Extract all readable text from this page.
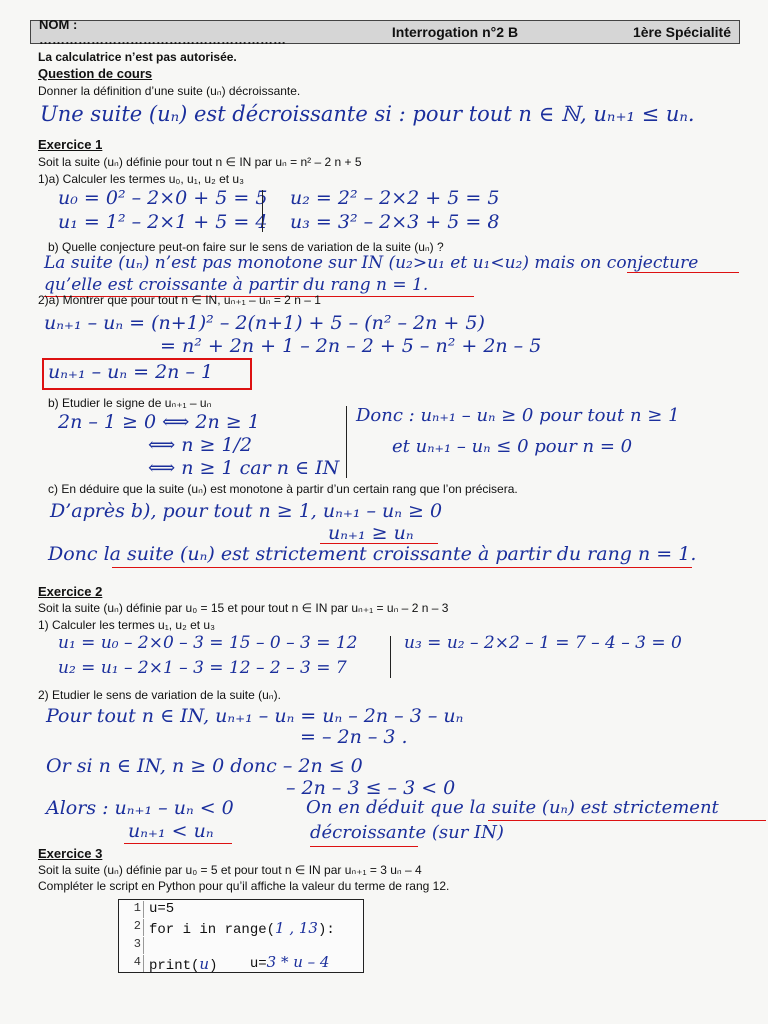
NOM : …………………………………………………	Interrogation n°2 B	1ère Spécialité
La calculatrice n’est pas autorisée.
Question de cours
Donner la définition d’une suite (uₙ) décroissante.
Une suite (uₙ) est décroissante si : pour tout n ∈ ℕ, uₙ₊₁ ≤ uₙ.
Exercice 1
Soit la suite (uₙ) définie pour tout n ∈ IN par uₙ = n² – 2 n + 5
1)a) Calculer les termes u₀, u₁, u₂ et u₃
u₀ = 0² – 2×0 + 5 = 5
u₁ = 1² – 2×1 + 5 = 4
u₂ = 2² – 2×2 + 5 = 5
u₃ = 3² – 2×3 + 5 = 8
b) Quelle conjecture peut-on faire sur le sens de variation de la suite (uₙ) ?
La suite (uₙ) n’est pas monotone sur IN (u₂>u₁ et u₁<u₂) mais on conjecture
qu’elle est croissante à partir du rang n = 1.
2)a) Montrer que pour tout n ∈ IN, uₙ₊₁ – uₙ = 2 n – 1
uₙ₊₁ – uₙ = (n+1)² – 2(n+1) + 5 – (n² – 2n + 5)
= n² + 2n + 1 – 2n – 2 + 5 – n² + 2n – 5
uₙ₊₁ – uₙ = 2n – 1
b) Etudier le signe de uₙ₊₁ – uₙ
2n – 1 ≥ 0 ⟺ 2n ≥ 1
⟺ n ≥ 1/2
⟺ n ≥ 1 car n ∈ IN
Donc : uₙ₊₁ – uₙ ≥ 0 pour tout n ≥ 1
et uₙ₊₁ – uₙ ≤ 0 pour n = 0
c) En déduire que la suite (uₙ) est monotone à partir d’un certain rang que l’on précisera.
D’après b), pour tout n ≥ 1, uₙ₊₁ – uₙ ≥ 0
uₙ₊₁ ≥ uₙ
Donc la suite (uₙ) est strictement croissante à partir du rang n = 1.
Exercice 2
Soit la suite (uₙ) définie par u₀ = 15 et pour tout n ∈ IN par uₙ₊₁ = uₙ – 2 n – 3
1) Calculer les termes u₁, u₂ et u₃
u₁ = u₀ – 2×0 – 3 = 15 – 0 – 3 = 12
u₂ = u₁ – 2×1 – 3 = 12 – 2 – 3 = 7
u₃ = u₂ – 2×2 – 1 = 7 – 4 – 3 = 0
2) Etudier le sens de variation de la suite (uₙ).
Pour tout n ∈ IN, uₙ₊₁ – uₙ = uₙ – 2n – 3 – uₙ
= – 2n – 3 .
Or si n ∈ IN, n ≥ 0 donc – 2n ≤ 0
– 2n – 3 ≤ – 3 < 0
Alors : uₙ₊₁ – uₙ < 0
uₙ₊₁ < uₙ
On en déduit que la suite (uₙ) est strictement
décroissante (sur IN)
Exercice 3
Soit la suite (uₙ) définie par u₀ = 5 et pour tout n ∈ IN par uₙ₊₁ = 3 uₙ – 4
Compléter le script en Python pour qu’il affiche la valeur du terme de rang 12.
1 u=5
2 for i in range(1 , 13):
3

u=3 * u – 4

4 print(u)
